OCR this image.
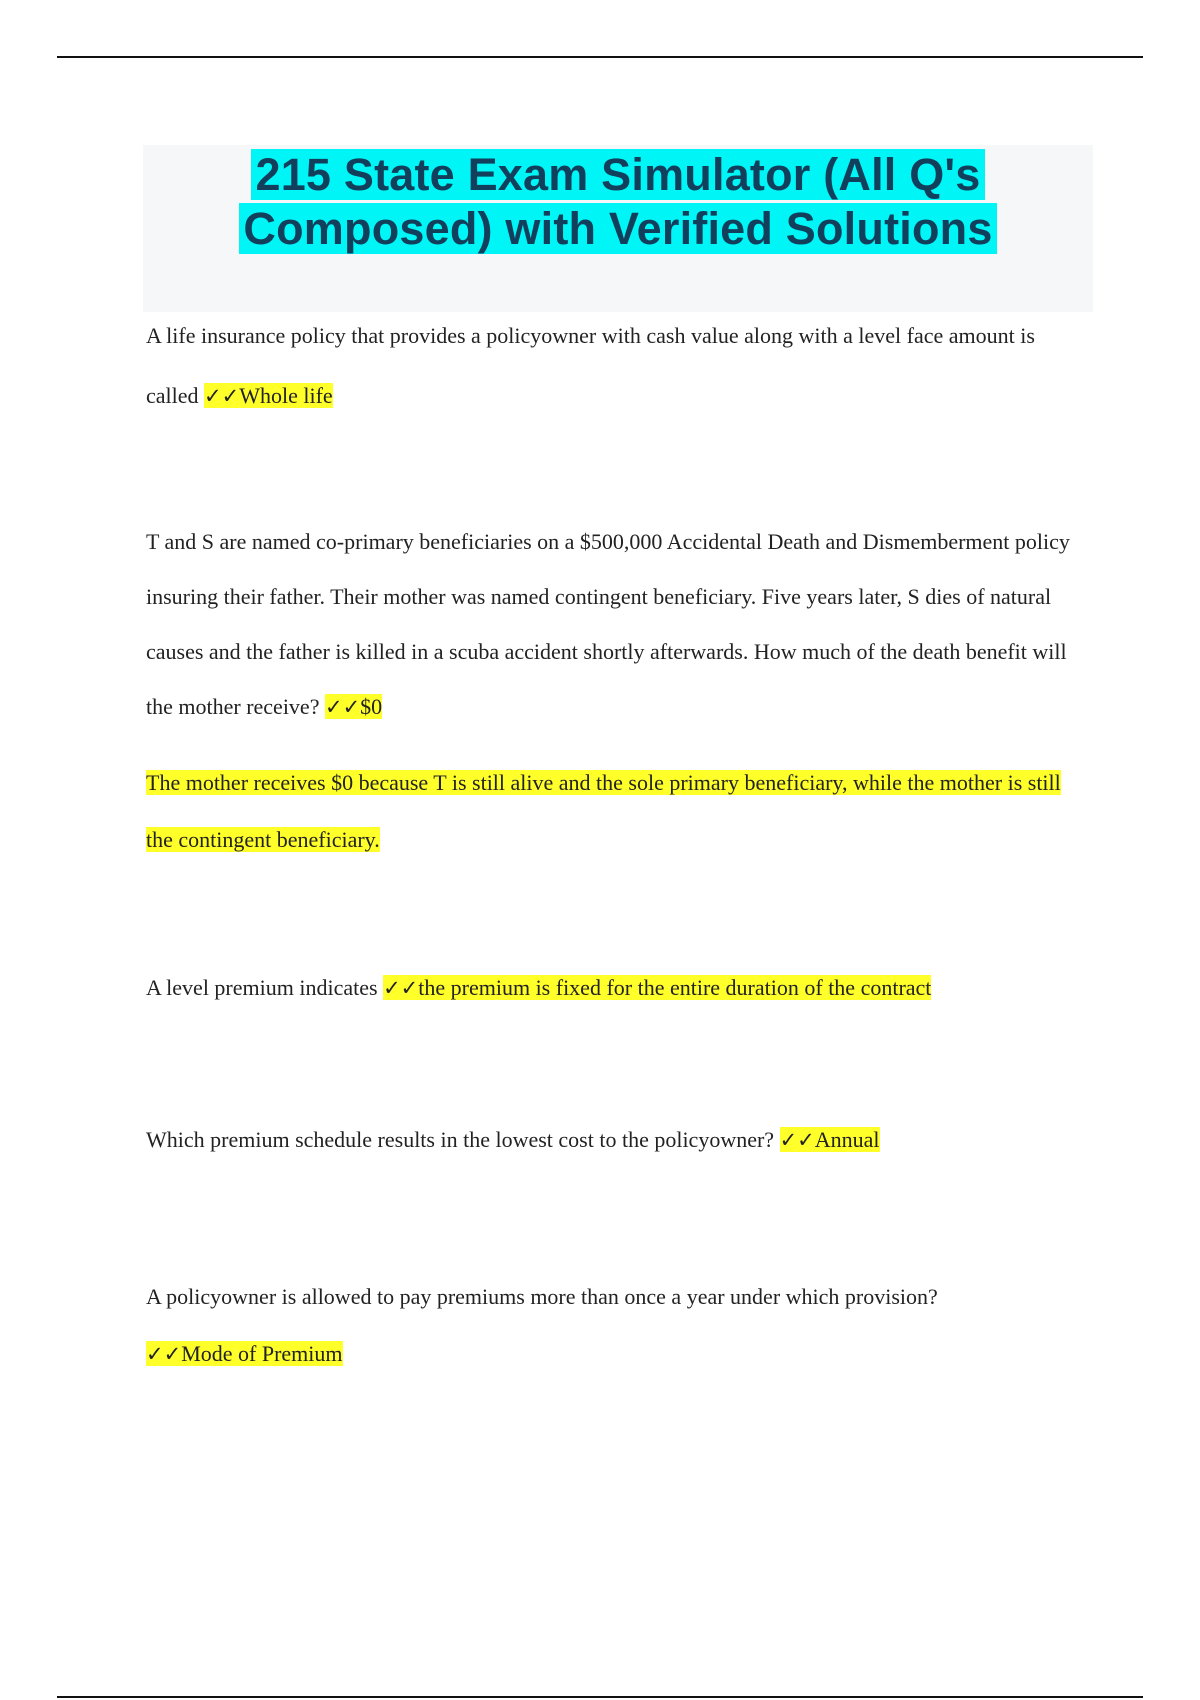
215 State Exam Simulator (All Q's
Composed) with Verified Solutions
A life insurance policy that provides a policyowner with cash value along with a level face amount is called ✓✓Whole life
T and S are named co-primary beneficiaries on a $500,000 Accidental Death and Dismemberment policy insuring their father. Their mother was named contingent beneficiary. Five years later, S dies of natural causes and the father is killed in a scuba accident shortly afterwards. How much of the death benefit will the mother receive? ✓✓$0
The mother receives $0 because T is still alive and the sole primary beneficiary, while the mother is still the contingent beneficiary.
A level premium indicates ✓✓the premium is fixed for the entire duration of the contract
Which premium schedule results in the lowest cost to the policyowner? ✓✓Annual
A policyowner is allowed to pay premiums more than once a year under which provision?
✓✓Mode of Premium
